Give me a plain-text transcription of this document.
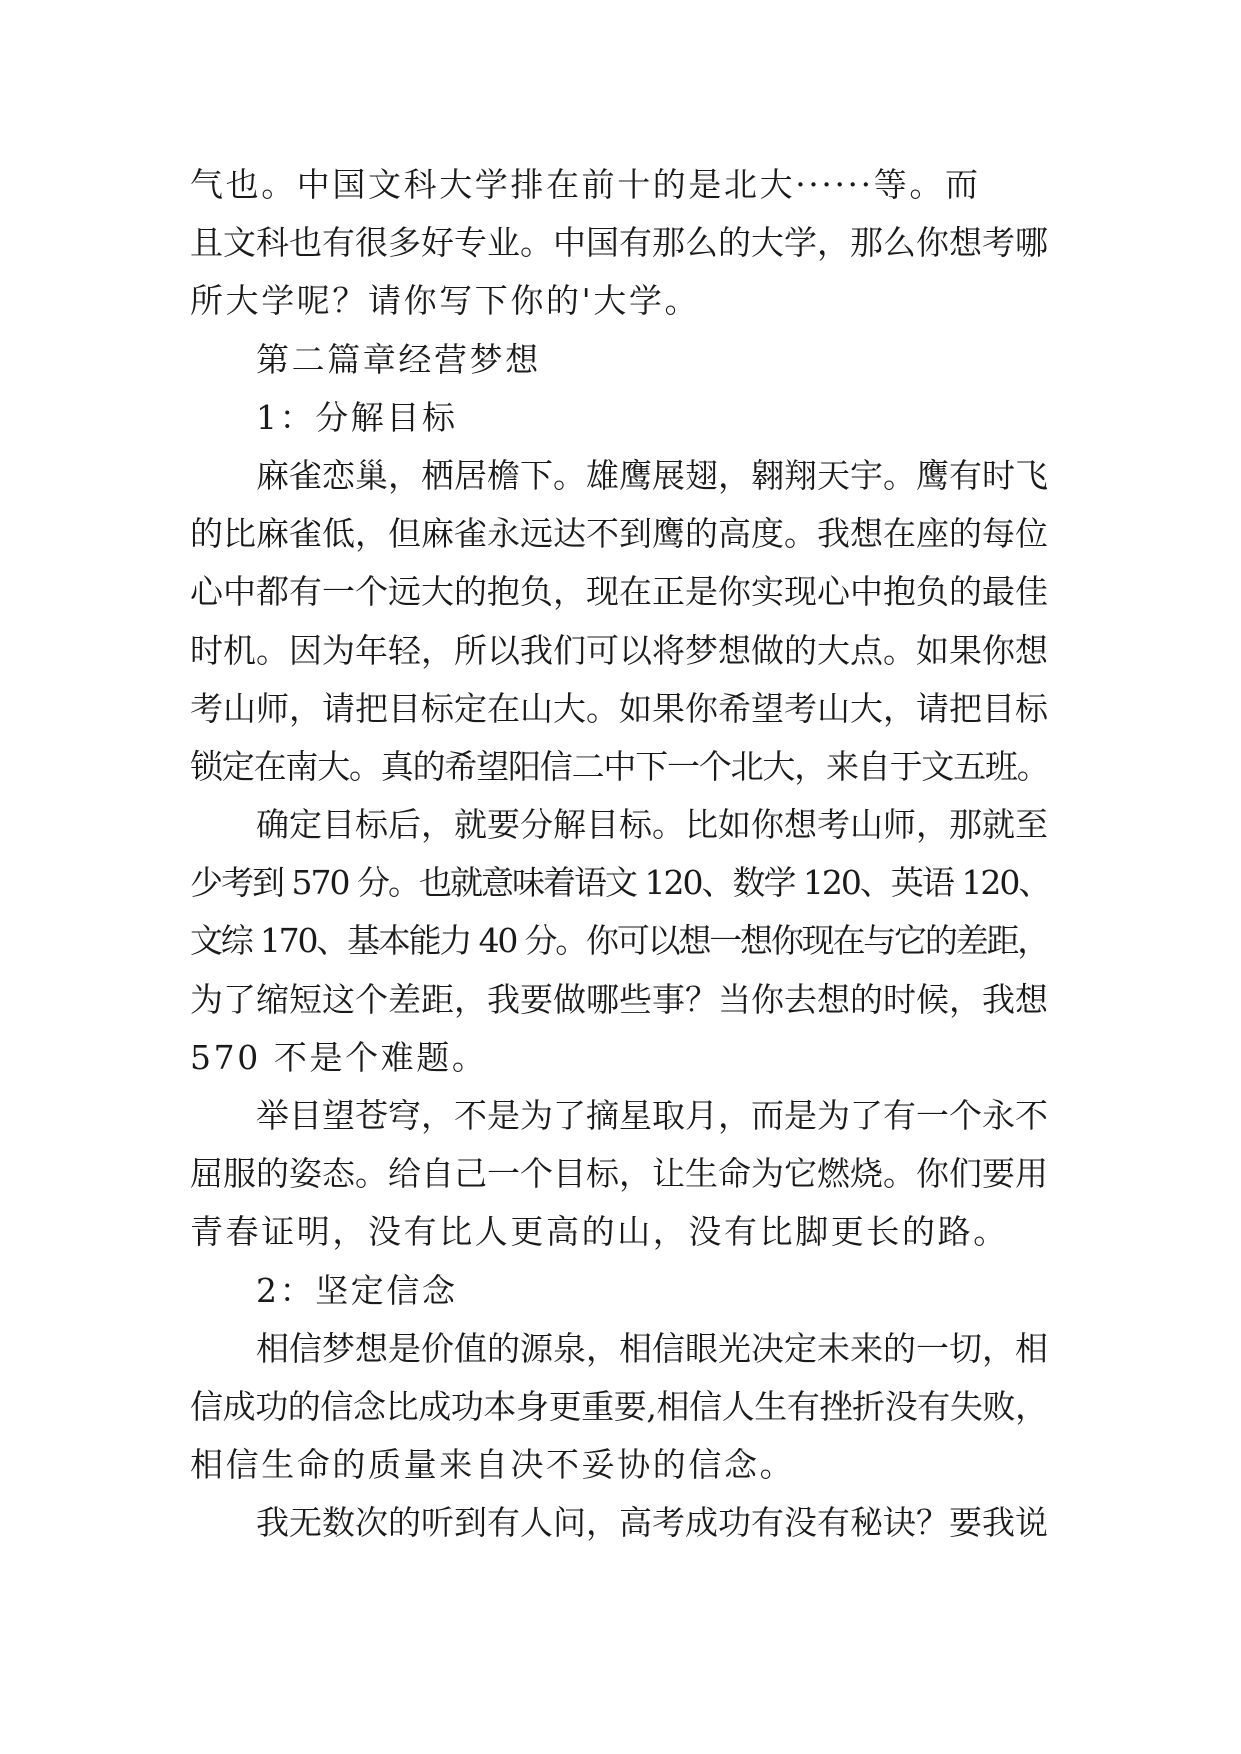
气也。中国文科大学排在前十的是北大······等。而
且文科也有很多好专业。中国有那么的大学，那么你想考哪
所大学呢？请你写下你的'大学。
第二篇章经营梦想
1：分解目标
麻雀恋巢，栖居檐下。雄鹰展翅，翱翔天宇。鹰有时飞
的比麻雀低，但麻雀永远达不到鹰的高度。我想在座的每位
心中都有一个远大的抱负，现在正是你实现心中抱负的最佳
时机。因为年轻，所以我们可以将梦想做的大点。如果你想
考山师，请把目标定在山大。如果你希望考山大，请把目标
锁定在南大。真的希望阳信二中下一个北大，来自于文五班。
确定目标后，就要分解目标。比如你想考山师，那就至
少考到 570 分。也就意味着语文 120、数学 120、英语 120、
文综 170、基本能力 40 分。你可以想一想你现在与它的差距，
为了缩短这个差距，我要做哪些事？当你去想的时候，我想
570 不是个难题。
举目望苍穹，不是为了摘星取月，而是为了有一个永不
屈服的姿态。给自己一个目标，让生命为它燃烧。你们要用
青春证明，没有比人更高的山，没有比脚更长的路。
2：坚定信念
相信梦想是价值的源泉，相信眼光决定未来的一切，相
信成功的信念比成功本身更重要,相信人生有挫折没有失败，
相信生命的质量来自决不妥协的信念。
我无数次的听到有人问，高考成功有没有秘诀？要我说
